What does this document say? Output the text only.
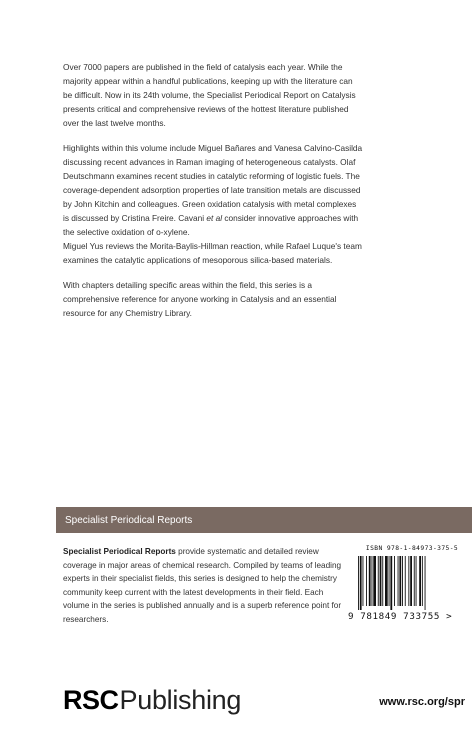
Over 7000 papers are published in the field of catalysis each year. While the majority appear within a handful publications, keeping up with the literature can be difficult. Now in its 24th volume, the Specialist Periodical Report on Catalysis presents critical and comprehensive reviews of the hottest literature published over the last twelve months.

Highlights within this volume include Miguel Bañares and Vanesa Calvino-Casilda discussing recent advances in Raman imaging of heterogeneous catalysts. Olaf Deutschmann examines recent studies in catalytic reforming of logistic fuels. The coverage-dependent adsorption properties of late transition metals are discussed by John Kitchin and colleagues. Green oxidation catalysis with metal complexes is discussed by Cristina Freire. Cavani et al consider innovative approaches with the selective oxidation of o-xylene.
Miguel Yus reviews the Morita-Baylis-Hillman reaction, while Rafael Luque's team examines the catalytic applications of mesoporous silica-based materials.

With chapters detailing specific areas within the field, this series is a comprehensive reference for anyone working in Catalysis and an essential resource for any Chemistry Library.

Specialist Periodical Reports
Specialist Periodical Reports provide systematic and detailed review coverage in major areas of chemical research. Compiled by teams of leading experts in their specialist fields, this series is designed to help the chemistry community keep current with the latest developments in their field. Each volume in the series is published annually and is a superb reference point for researchers.
ISBN 978-1-84973-375-5
9 781849 733755 >
RSC Publishing	www.rsc.org/spr
